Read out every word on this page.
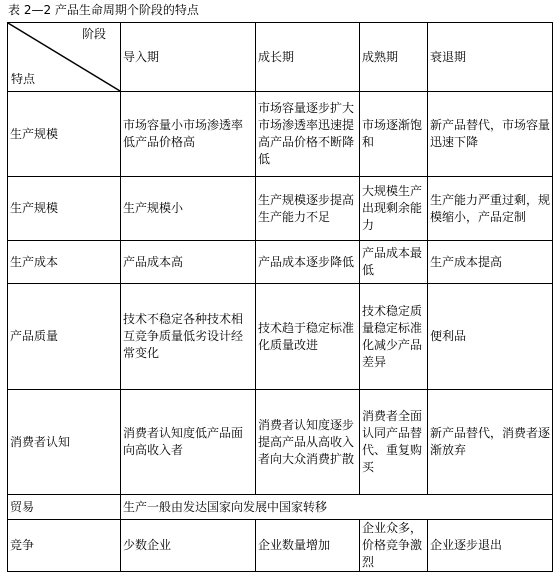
表 2—2 产品生命周期个阶段的特点

阶段

特点	导入期	成长期	成熟期	衰退期
生产规模	市场容量小市场渗透率低产品价格高	市场容量逐步扩大市场渗透率迅速提高产品价格不断降低	市场逐渐饱和	新产品替代，市场容量迅速下降
生产规模	生产规模小	生产规模逐步提高生产能力不足	大规模生产出现剩余能力	生产能力严重过剩，规模缩小，产品定制
生产成本	产品成本高	产品成本逐步降低	产品成本最低	生产成本提高
产品质量	技术不稳定各种技术相互竞争质量低劣设计经常变化	技术趋于稳定标准化质量改进	技术稳定质量稳定标准化减少产品差异	便利品
消费者认知	消费者认知度低产品面向高收入者	消费者认知度逐步提高产品从高收入者向大众消费扩散	消费者全面认同产品替代、重复购买	新产品替代，消费者逐渐放弃
贸易	生产一般由发达国家向发展中国家转移			
竞争	少数企业	企业数量增加	企业众多，价格竞争激烈	企业逐步退出
